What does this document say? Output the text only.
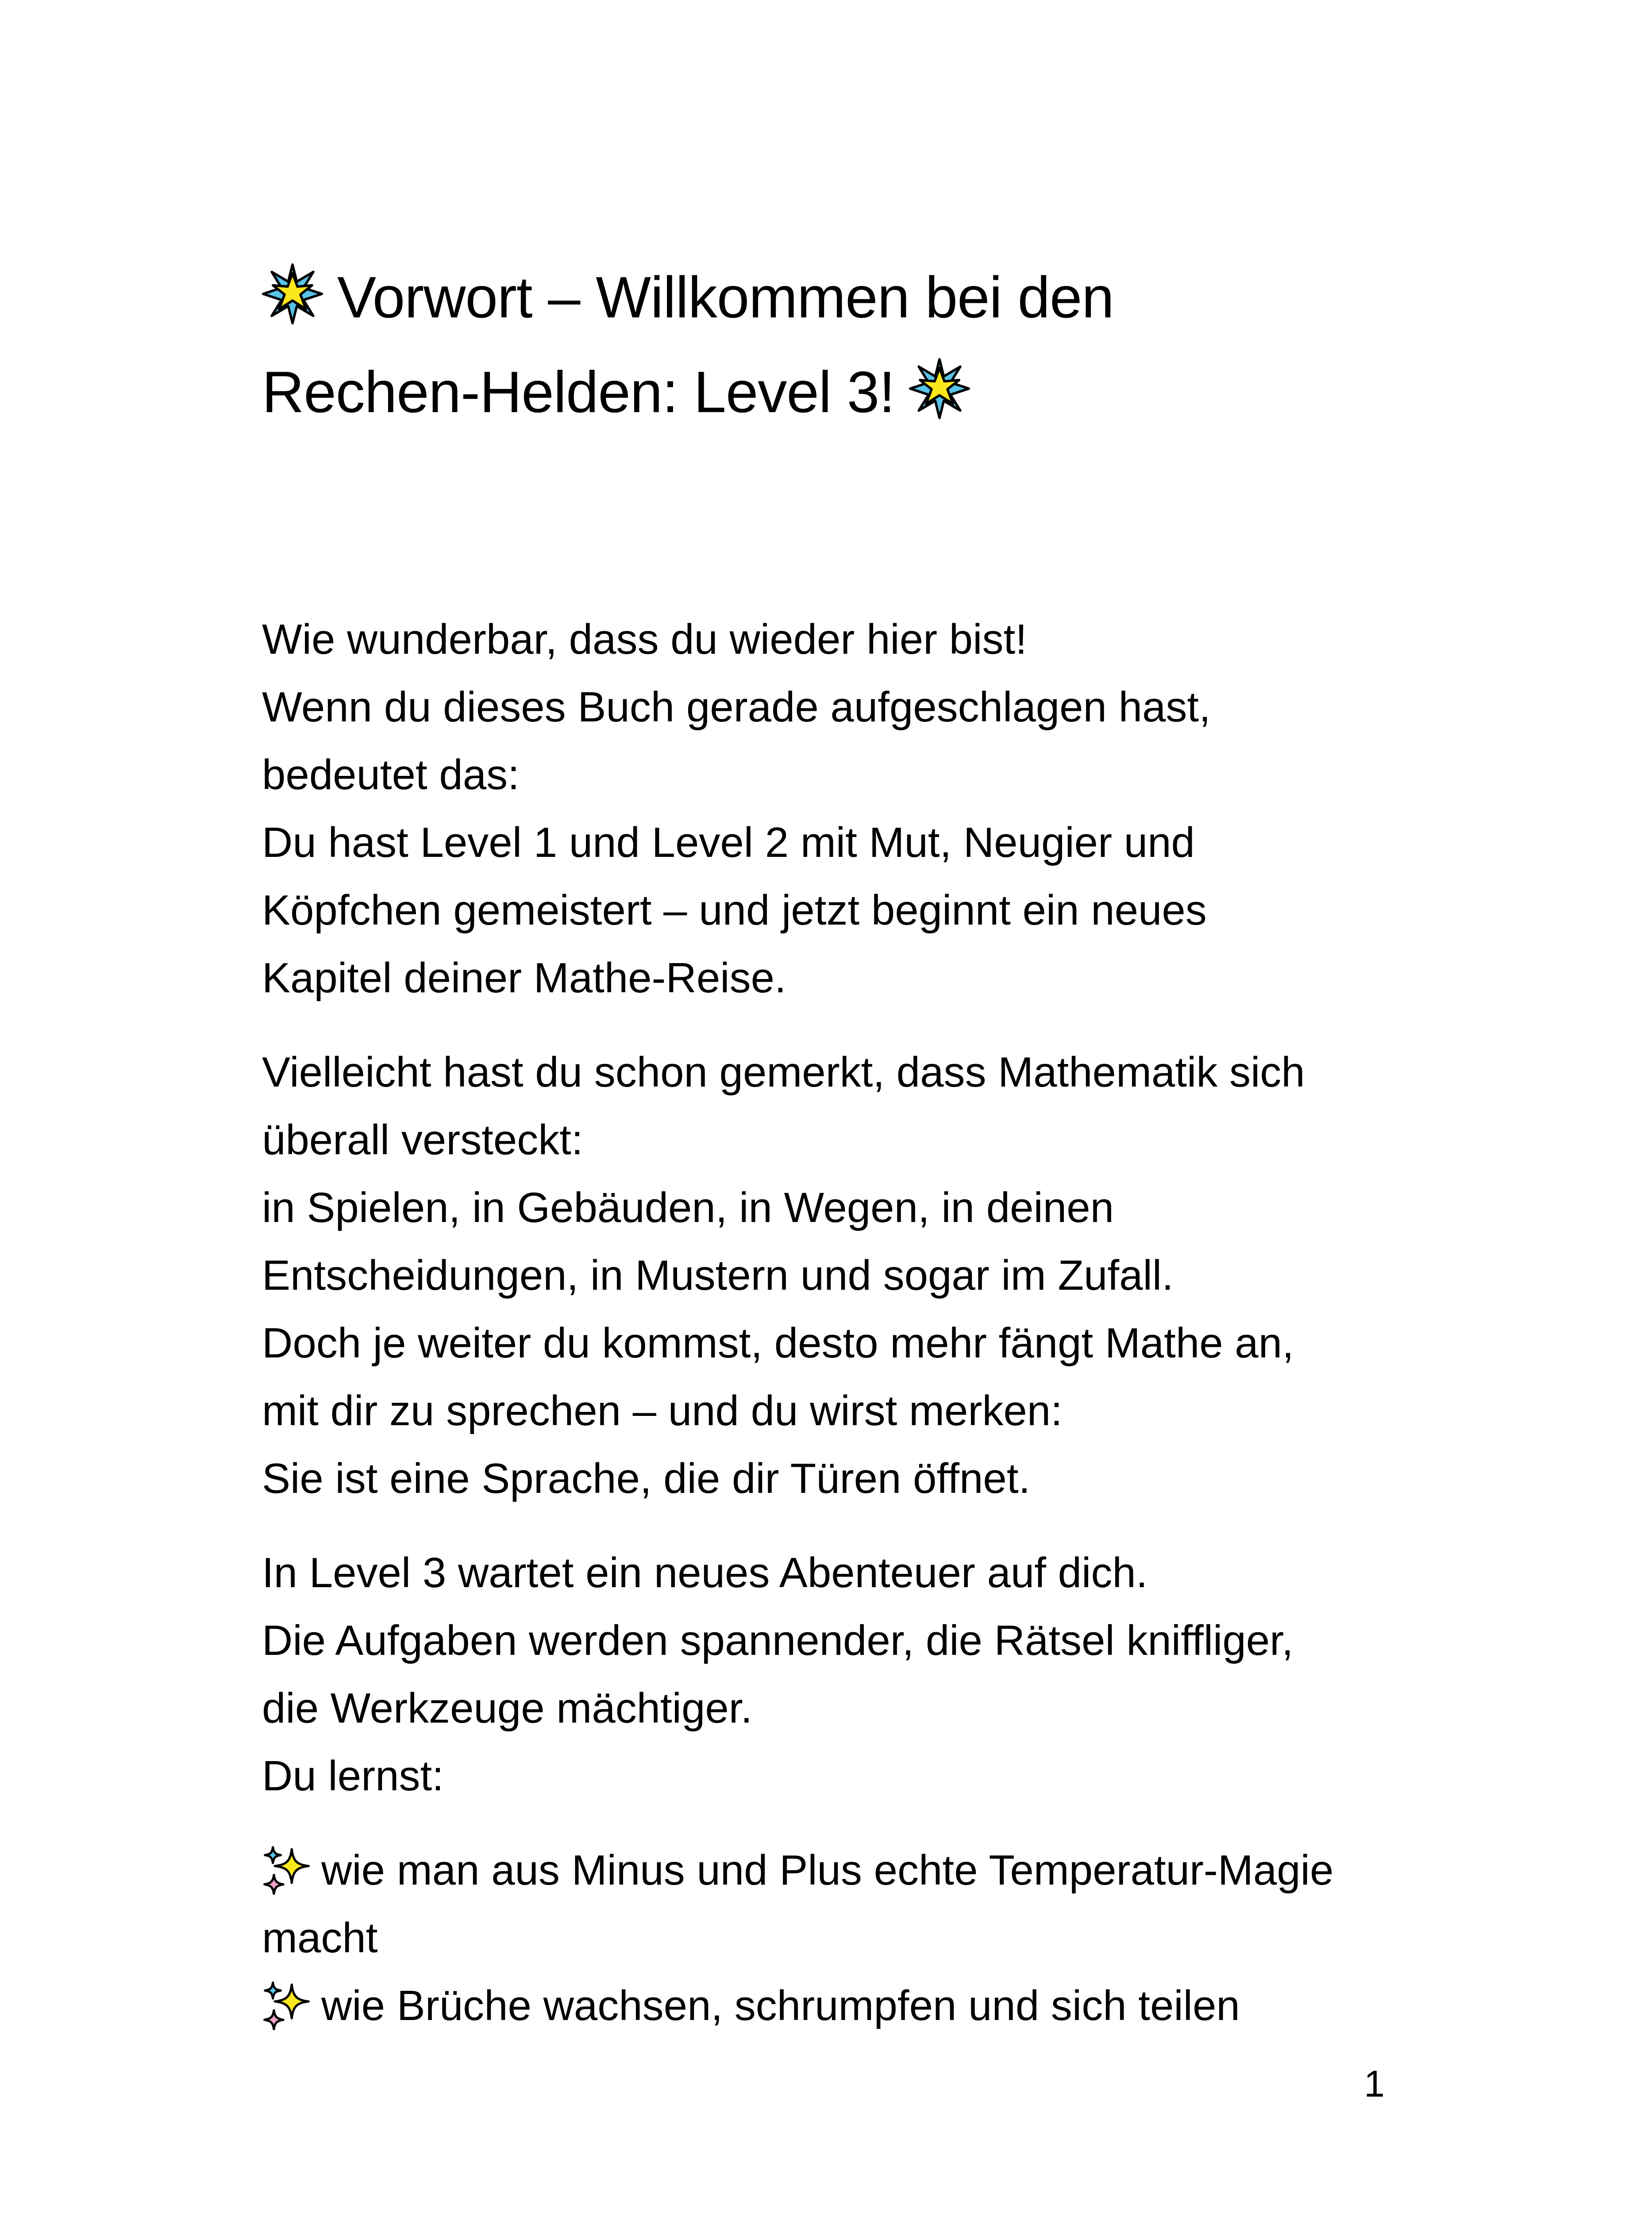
Vorwort – Willkommen bei den
Rechen-Helden: Level 3!

Wie wunderbar, dass du wieder hier bist!
Wenn du dieses Buch gerade aufgeschlagen hast,
bedeutet das:
Du hast Level 1 und Level 2 mit Mut, Neugier und
Köpfchen gemeistert – und jetzt beginnt ein neues
Kapitel deiner Mathe-Reise.

Vielleicht hast du schon gemerkt, dass Mathematik sich
überall versteckt:
in Spielen, in Gebäuden, in Wegen, in deinen
Entscheidungen, in Mustern und sogar im Zufall.
Doch je weiter du kommst, desto mehr fängt Mathe an,
mit dir zu sprechen – und du wirst merken:
Sie ist eine Sprache, die dir Türen öffnet.

In Level 3 wartet ein neues Abenteuer auf dich.
Die Aufgaben werden spannender, die Rätsel kniffliger,
die Werkzeuge mächtiger.
Du lernst:

wie man aus Minus und Plus echte Temperatur-Magie
macht
wie Brüche wachsen, schrumpfen und sich teilen
1
